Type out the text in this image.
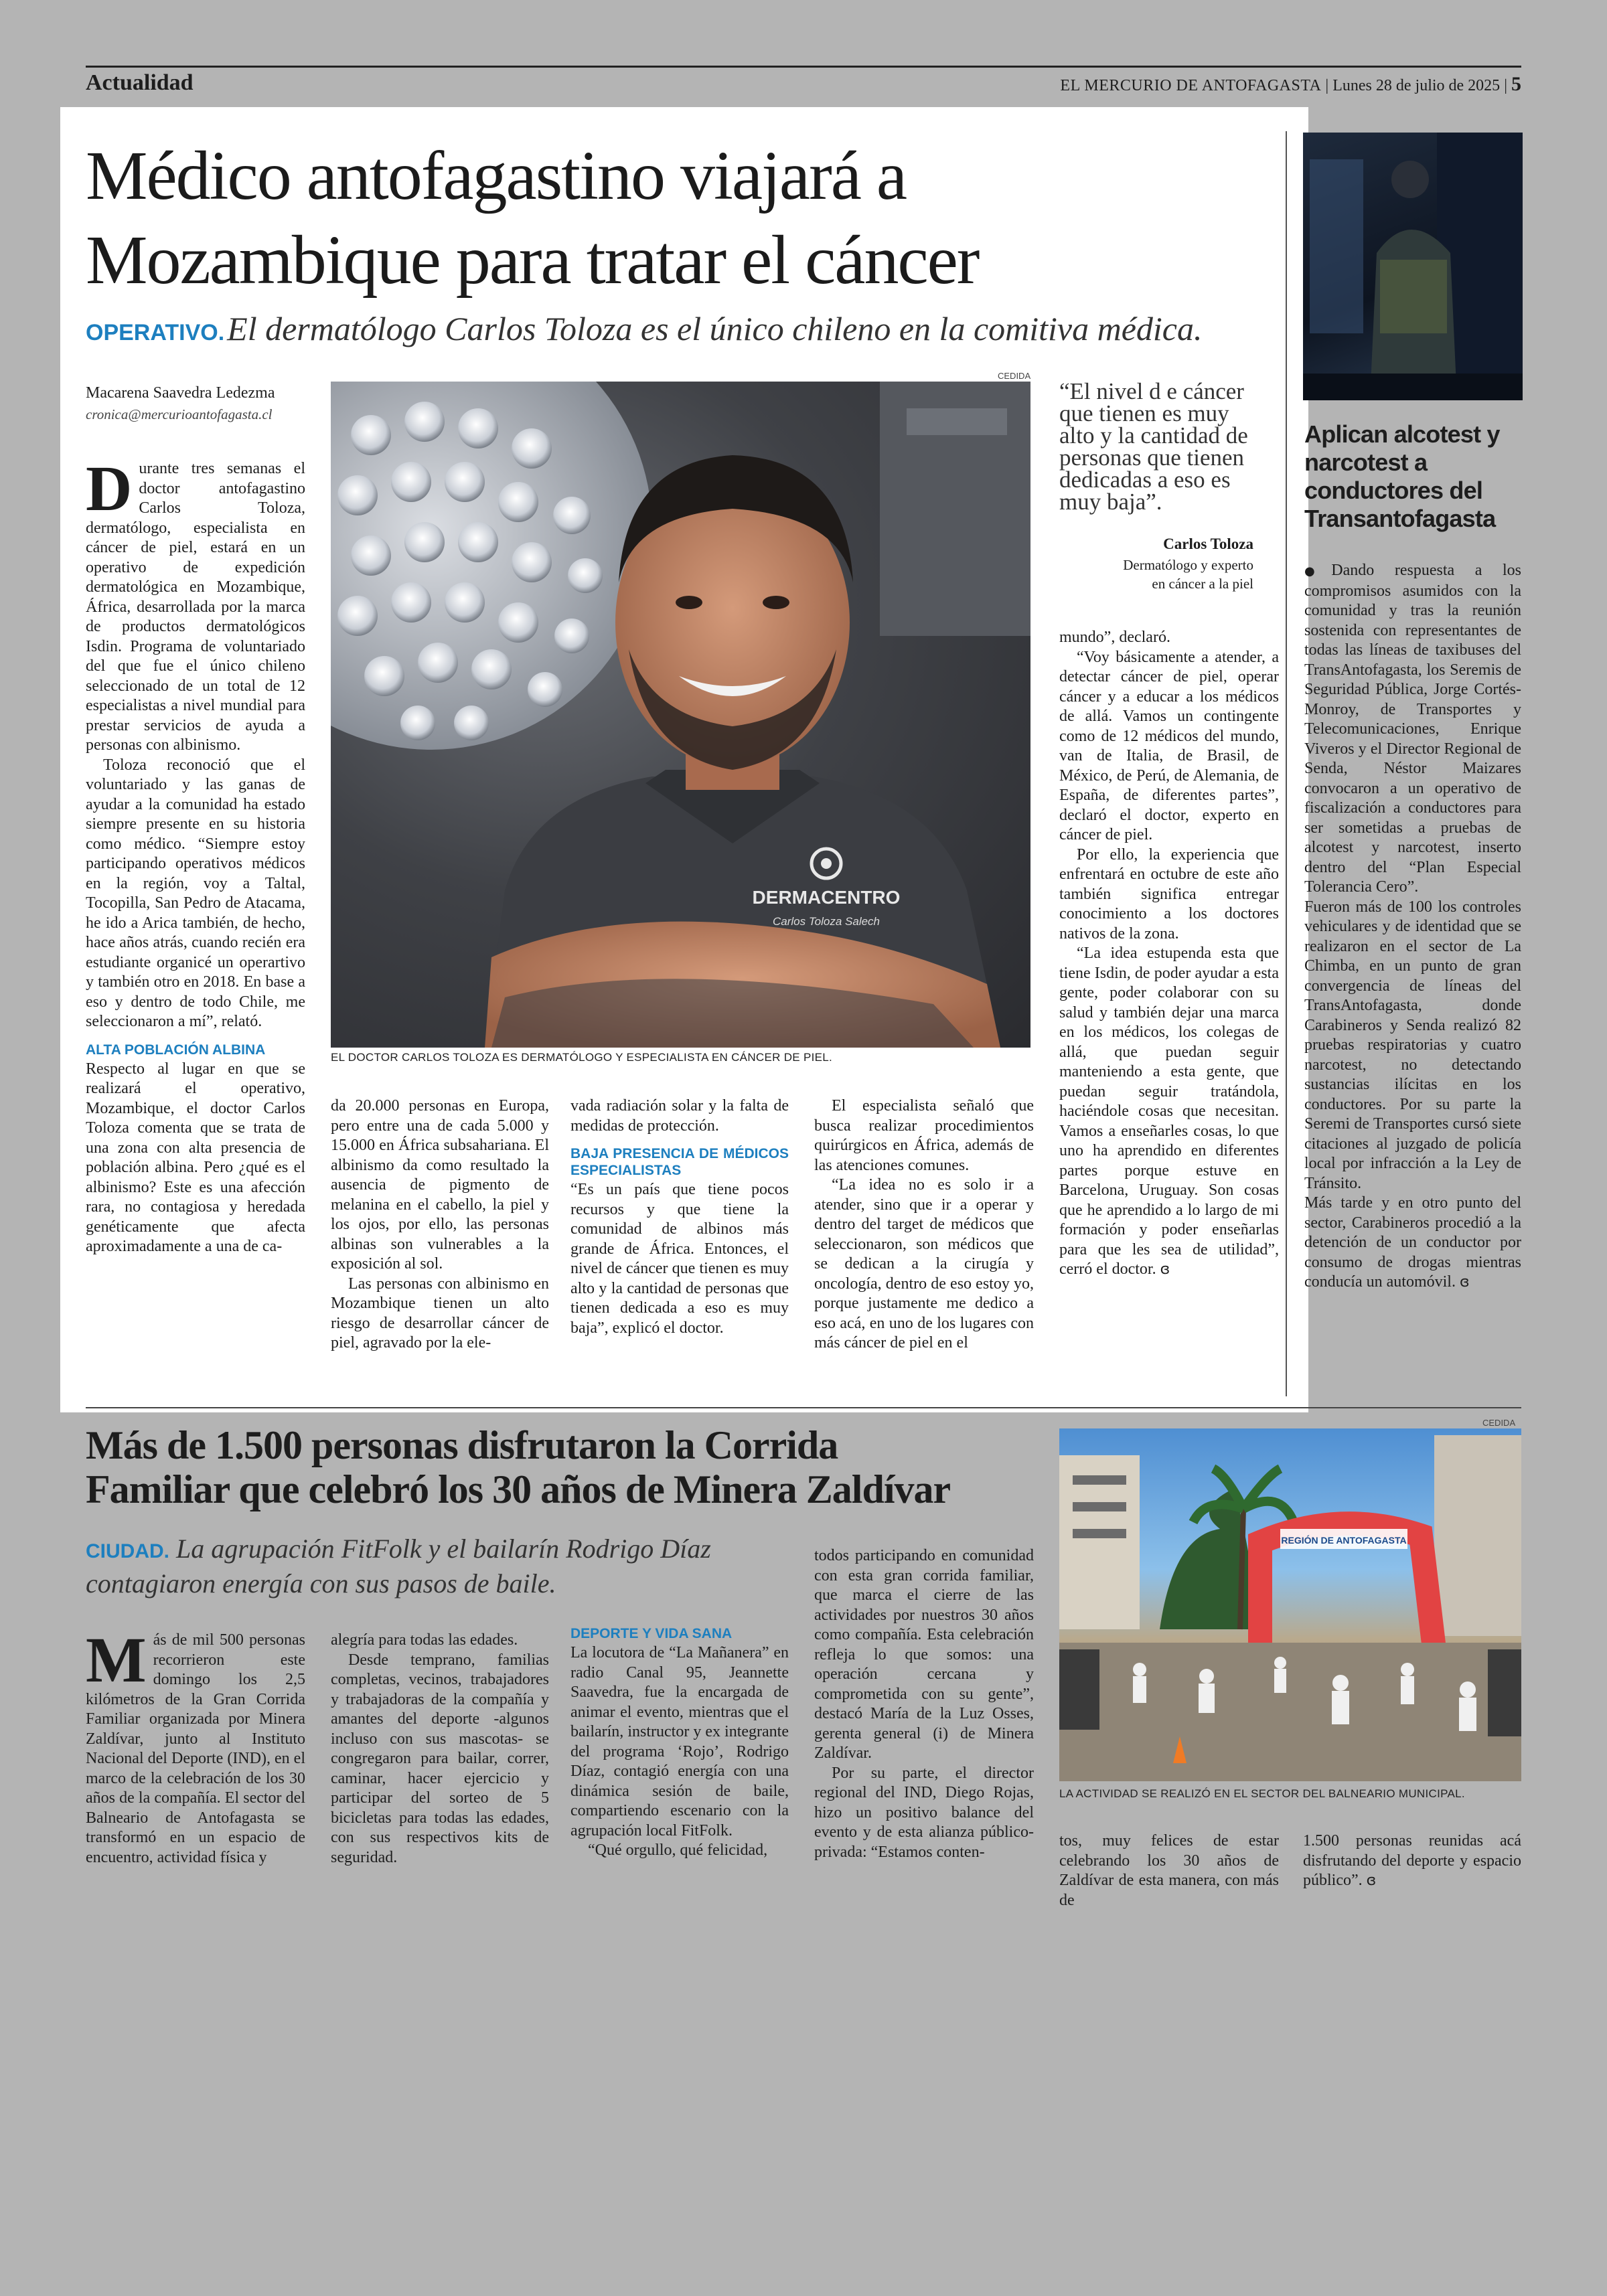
Actualidad	EL MERCURIO DE ANTOFAGASTA | Lunes 28 de julio de 2025 | 5
Médico antofagastino viajará a
Mozambique para tratar el cáncer
OPERATIVO. El dermatólogo Carlos Toloza es el único chileno en la comitiva médica.
Macarena Saavedra Ledezma
cronica@mercurioantofagasta.cl
CEDIDA
DERMACENTRO
Carlos Toloza Salech
EL DOCTOR CARLOS TOLOZA ES DERMATÓLOGO Y ESPECIALISTA EN CÁNCER DE PIEL.
“El nivel d e cáncer que tienen es muy alto y la cantidad de personas que tienen dedicadas a eso es muy baja”.
Carlos Toloza
Dermatólogo y experto
en cáncer a la piel

Durante tres semanas el doctor antofagastino Carlos Toloza, dermatólogo, especialista en cáncer de piel, estará en un operativo de expedición dermatológica en Mozambique, África, desarrollada por la marca de productos dermatológicos Isdin. Programa de voluntariado del que fue el único chileno seleccionado de un total de 12 especialistas a nivel mundial para prestar servicios de ayuda a personas con albinismo.

Toloza reconoció que el voluntariado y las ganas de ayudar a la comunidad ha estado siempre presente en su historia como médico. “Siempre estoy participando operativos médicos en la región, voy a Taltal, Tocopilla, San Pedro de Atacama, he ido a Arica también, de hecho, hace años atrás, cuando recién era estudiante organicé un operartivo y también otro en 2018. En base a eso y dentro de todo Chile, me seleccionaron a mí”, relató.

ALTA POBLACIÓN ALBINA

Respecto al lugar en que se realizará el operativo, Mozambique, el doctor Carlos Toloza comenta que se trata de una zona con alta presencia de población albina. Pero ¿qué es el albinismo? Este es una afección rara, no contagiosa y heredada genéticamente que afecta aproximadamente a una de ca-

da 20.000 personas en Europa, pero entre una de cada 5.000 y 15.000 en África subsahariana. El albinismo da como resultado la ausencia de pigmento de melanina en el cabello, la piel y los ojos, por ello, las personas albinas son vulnerables a la exposición al sol.

Las personas con albinismo en Mozambique tienen un alto riesgo de desarrollar cáncer de piel, agravado por la ele-

vada radiación solar y la falta de medidas de protección.

BAJA PRESENCIA DE MÉDICOS ESPECIALISTAS

“Es un país que tiene pocos recursos y que tiene la comunidad de albinos más grande de África. Entonces, el nivel de cáncer que tienen es muy alto y la cantidad de personas que tienen dedicada a eso es muy baja”, explicó el doctor.

El especialista señaló que busca realizar procedimientos quirúrgicos en África, además de las atenciones comunes.

“La idea no es solo ir a atender, sino que ir a operar y dentro del target de médicos que seleccionaron, son médicos que se dedican a la cirugía y oncología, dentro de eso estoy yo, porque justamente me dedico a eso acá, en uno de los lugares con más cáncer de piel en el

mundo”, declaró.

“Voy básicamente a atender, a detectar cáncer de piel, operar cáncer y a educar a los médicos de allá. Vamos un contingente como de 12 médicos del mundo, van de Italia, de Brasil, de México, de Perú, de Alemania, de España, de diferentes partes”, declaró el doctor, experto en cáncer de piel.

Por ello, la experiencia que enfrentará en octubre de este año también significa entregar conocimiento a los doctores nativos de la zona.

“La idea estupenda esta que tiene Isdin, de poder ayudar a esta gente, poder colaborar con su salud y también dejar una marca en los médicos, los colegas de allá, que puedan seguir manteniendo a esta gente, que puedan seguir tratándola, haciéndole cosas que necesitan. Vamos a enseñarles cosas, lo que uno ha aprendido en diferentes partes porque estuve en Barcelona, Uruguay. Son cosas que he aprendido a lo largo de mi formación y poder enseñarlas para que les sea de utilidad”, cerró el doctor. ɞ

Aplican alcotest y narcotest a conductores del Transantofagasta

●Dando respuesta a los compromisos asumidos con la comunidad y tras la reunión sostenida con representantes de todas las líneas de taxibuses del TransAntofagasta, los Seremis de Seguridad Pública, Jorge Cortés-Monroy, de Transportes y Telecomunicaciones, Enrique Viveros y el Director Regional de Senda, Néstor Maizares convocaron a un operativo de fiscalización a conductores para ser sometidas a pruebas de alcotest y narcotest, inserto dentro del “Plan Especial Tolerancia Cero”.

Fueron más de 100 los controles vehiculares y de identidad que se realizaron en el sector de La Chimba, en un punto de gran convergencia de líneas del TransAntofagasta, donde Carabineros y Senda realizó 82 pruebas respiratorias y cuatro narcotest, no detectando sustancias ilícitas en los conductores. Por su parte la Seremi de Transportes cursó siete citaciones al juzgado de policía local por infracción a la Ley de Tránsito.

Más tarde y en otro punto del sector, Carabineros procedió a la detención de un conductor por consumo de drogas mientras conducía un automóvil. ɞ

Más de 1.500 personas disfrutaron la Corrida
Familiar que celebró los 30 años de Minera Zaldívar
CIUDAD. La agrupación FitFolk y el bailarín Rodrigo Díaz contagiaron energía con sus pasos de baile.
CEDIDA
REGIÓN DE ANTOFAGASTA
LA ACTIVIDAD SE REALIZÓ EN EL SECTOR DEL BALNEARIO MUNICIPAL.

Más de mil 500 personas recorrieron este domingo los 2,5 kilómetros de la Gran Corrida Familiar organizada por Minera Zaldívar, junto al Instituto Nacional del Deporte (IND), en el marco de la celebración de los 30 años de la compañía. El sector del Balneario de Antofagasta se transformó en un espacio de encuentro, actividad física y

alegría para todas las edades.

Desde temprano, familias completas, vecinos, trabajadores y trabajadoras de la compañía y amantes del deporte -algunos incluso con sus mascotas- se congregaron para bailar, correr, caminar, hacer ejercicio y participar del sorteo de 5 bicicletas para todas las edades, con sus respectivos kits de seguridad.

DEPORTE Y VIDA SANA

La locutora de “La Mañanera” en radio Canal 95, Jeannette Saavedra, fue la encargada de animar el evento, mientras que el bailarín, instructor y ex integrante del programa ‘Rojo’, Rodrigo Díaz, contagió energía con una dinámica sesión de baile, compartiendo escenario con la agrupación local FitFolk.

“Qué orgullo, qué felicidad,

todos participando en comunidad con esta gran corrida familiar, que marca el cierre de las actividades por nuestros 30 años como compañía. Esta celebración refleja lo que somos: una operación cercana y comprometida con su gente”, destacó María de la Luz Osses, gerenta general (i) de Minera Zaldívar.

Por su parte, el director regional del IND, Diego Rojas, hizo un positivo balance del evento y de esta alianza público-privada: “Estamos conten-

tos, muy felices de estar celebrando los 30 años de Zaldívar de esta manera, con más de

1.500 personas reunidas acá disfrutando del deporte y espacio público”. ɞ
